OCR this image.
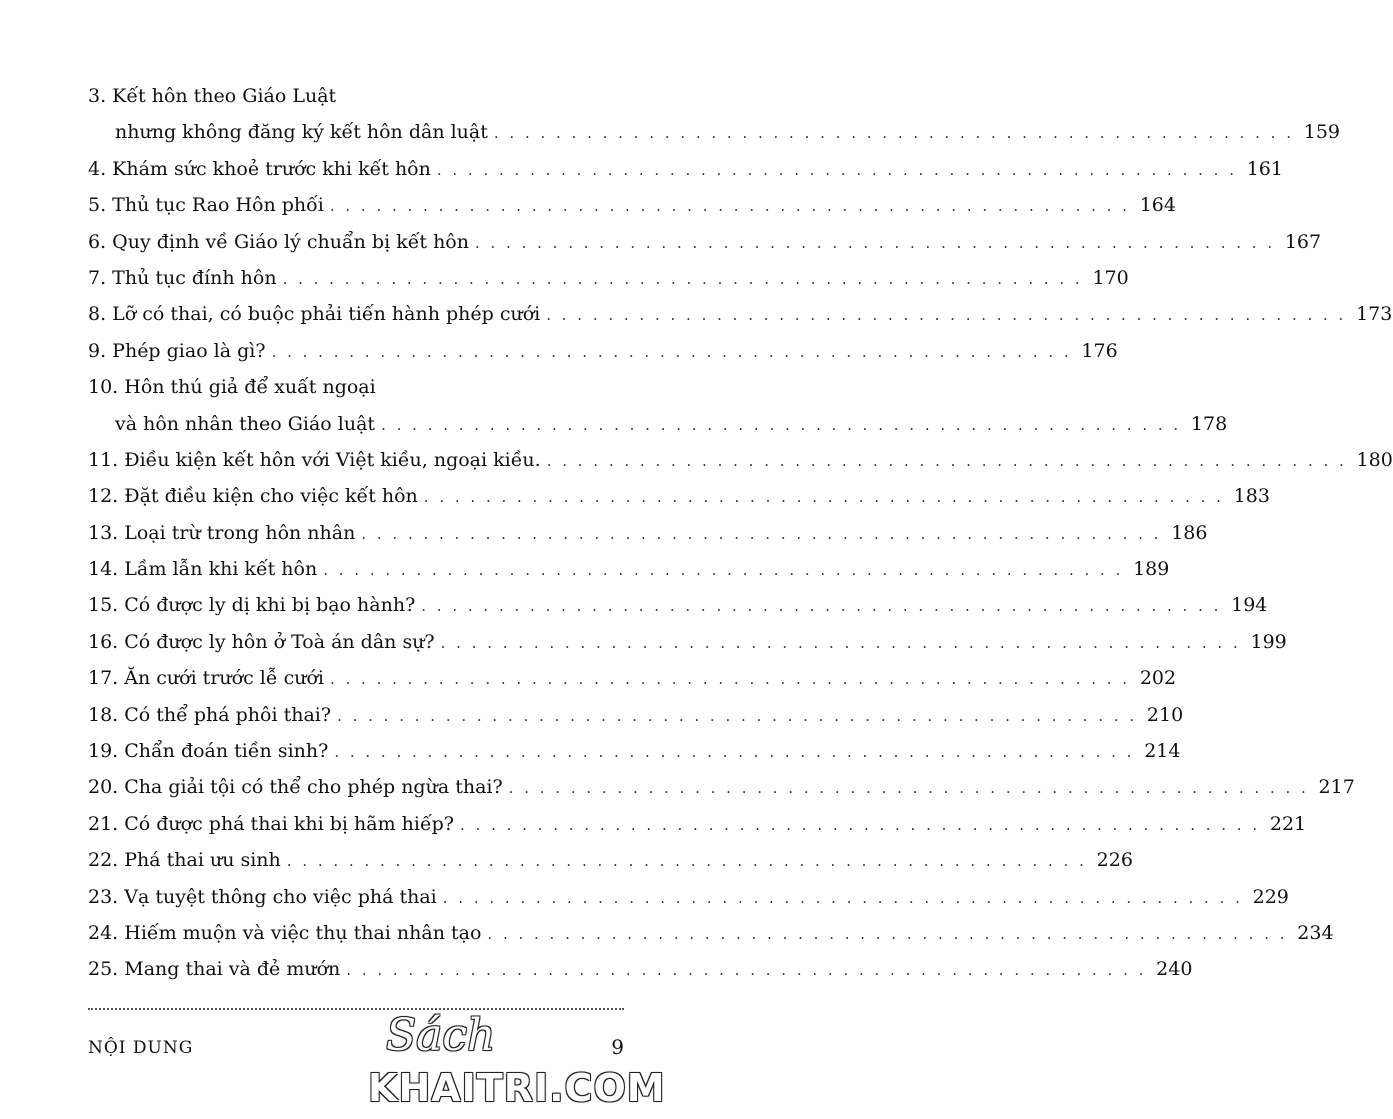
3. Kết hôn theo Giáo Luật
nhưng không đăng ký kết hôn dân luật . . . . . . . . . . . . . . . . . . . . . . . . . . . . . . . . . . . . . . . . . . . . . . . . . . . . 159
4. Khám sức khoẻ trước khi kết hôn . . . . . . . . . . . . . . . . . . . . . . . . . . . . . . . . . . . . . . . . . . . . . . . . . . . . 161
5. Thủ tục Rao Hôn phối . . . . . . . . . . . . . . . . . . . . . . . . . . . . . . . . . . . . . . . . . . . . . . . . . . . . 164
6. Quy định về Giáo lý chuẩn bị kết hôn . . . . . . . . . . . . . . . . . . . . . . . . . . . . . . . . . . . . . . . . . . . . . . . . . . . . 167
7. Thủ tục đính hôn . . . . . . . . . . . . . . . . . . . . . . . . . . . . . . . . . . . . . . . . . . . . . . . . . . . . 170
8. Lỡ có thai, có buộc phải tiến hành phép cưới . . . . . . . . . . . . . . . . . . . . . . . . . . . . . . . . . . . . . . . . . . . . . . . . . . . . 173
9. Phép giao là gì? . . . . . . . . . . . . . . . . . . . . . . . . . . . . . . . . . . . . . . . . . . . . . . . . . . . . 176
10. Hôn thú giả để xuất ngoại
và hôn nhân theo Giáo luật . . . . . . . . . . . . . . . . . . . . . . . . . . . . . . . . . . . . . . . . . . . . . . . . . . . . 178
11. Điều kiện kết hôn với Việt kiều, ngoại kiều. . . . . . . . . . . . . . . . . . . . . . . . . . . . . . . . . . . . . . . . . . . . . . . . . . . . . 180
12. Đặt điều kiện cho việc kết hôn . . . . . . . . . . . . . . . . . . . . . . . . . . . . . . . . . . . . . . . . . . . . . . . . . . . . 183
13. Loại trừ trong hôn nhân . . . . . . . . . . . . . . . . . . . . . . . . . . . . . . . . . . . . . . . . . . . . . . . . . . . . 186
14. Lầm lẫn khi kết hôn . . . . . . . . . . . . . . . . . . . . . . . . . . . . . . . . . . . . . . . . . . . . . . . . . . . . 189
15. Có được ly dị khi bị bạo hành? . . . . . . . . . . . . . . . . . . . . . . . . . . . . . . . . . . . . . . . . . . . . . . . . . . . . 194
16. Có được ly hôn ở Toà án dân sự? . . . . . . . . . . . . . . . . . . . . . . . . . . . . . . . . . . . . . . . . . . . . . . . . . . . . 199
17. Ăn cưới trước lễ cưới . . . . . . . . . . . . . . . . . . . . . . . . . . . . . . . . . . . . . . . . . . . . . . . . . . . . 202
18. Có thể phá phôi thai? . . . . . . . . . . . . . . . . . . . . . . . . . . . . . . . . . . . . . . . . . . . . . . . . . . . . 210
19. Chẩn đoán tiền sinh? . . . . . . . . . . . . . . . . . . . . . . . . . . . . . . . . . . . . . . . . . . . . . . . . . . . . 214
20. Cha giải tội có thể cho phép ngừa thai? . . . . . . . . . . . . . . . . . . . . . . . . . . . . . . . . . . . . . . . . . . . . . . . . . . . . 217
21. Có được phá thai khi bị hãm hiếp? . . . . . . . . . . . . . . . . . . . . . . . . . . . . . . . . . . . . . . . . . . . . . . . . . . . . 221
22. Phá thai ưu sinh . . . . . . . . . . . . . . . . . . . . . . . . . . . . . . . . . . . . . . . . . . . . . . . . . . . . 226
23. Vạ tuyệt thông cho việc phá thai . . . . . . . . . . . . . . . . . . . . . . . . . . . . . . . . . . . . . . . . . . . . . . . . . . . . 229
24. Hiếm muộn và việc thụ thai nhân tạo . . . . . . . . . . . . . . . . . . . . . . . . . . . . . . . . . . . . . . . . . . . . . . . . . . . . 234
25. Mang thai và đẻ mướn . . . . . . . . . . . . . . . . . . . . . . . . . . . . . . . . . . . . . . . . . . . . . . . . . . . . 240
NỘI DUNG	9
Sách
KHAITRI.COM
